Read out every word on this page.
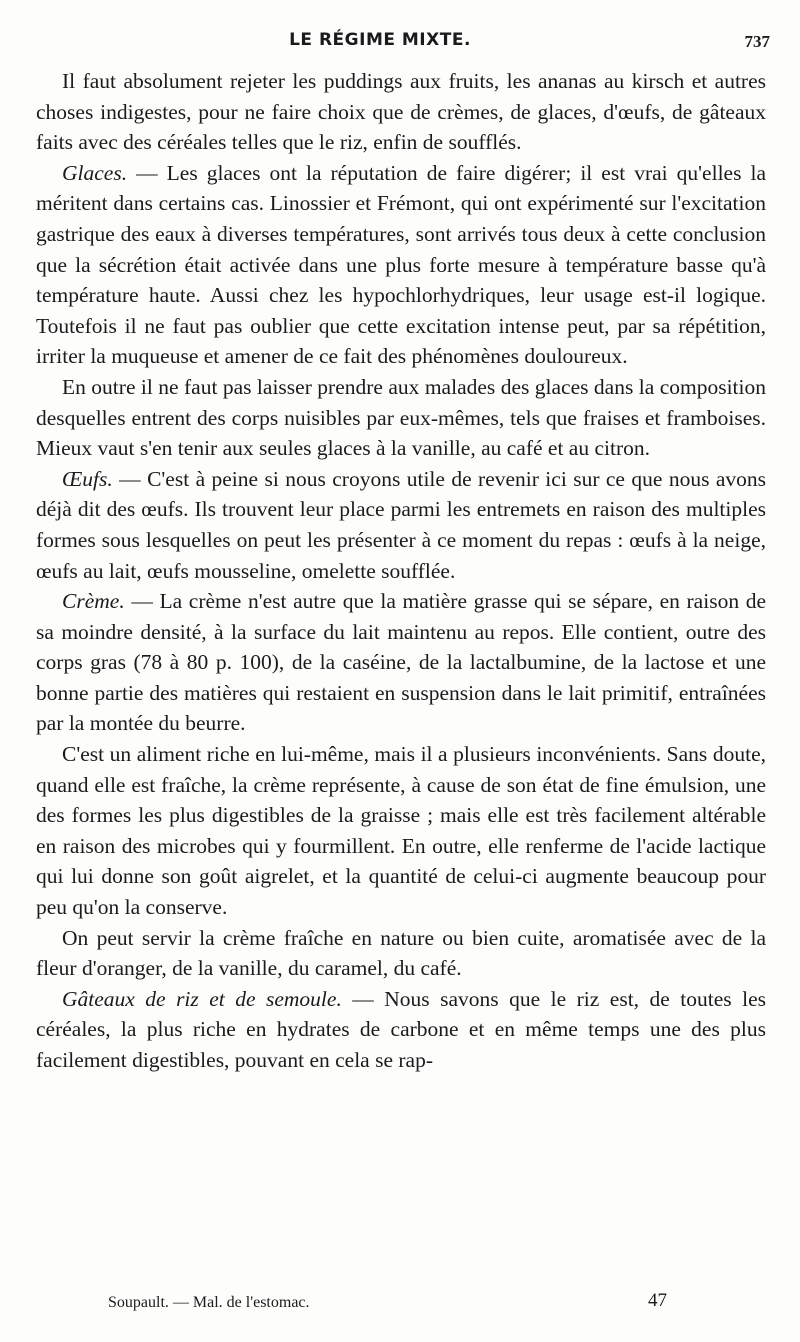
LE RÉGIME MIXTE.	737

Il faut absolument rejeter les puddings aux fruits, les ananas au kirsch et autres choses indigestes, pour ne faire choix que de crèmes, de glaces, d'œufs, de gâteaux faits avec des céréales telles que le riz, enfin de soufflés.

Glaces. — Les glaces ont la réputation de faire digérer; il est vrai qu'elles la méritent dans certains cas. Linossier et Frémont, qui ont expérimenté sur l'excitation gastrique des eaux à diverses températures, sont arrivés tous deux à cette conclusion que la sécrétion était activée dans une plus forte mesure à température basse qu'à température haute. Aussi chez les hypochlorhydriques, leur usage est-il logique. Toutefois il ne faut pas oublier que cette excitation intense peut, par sa répétition, irriter la muqueuse et amener de ce fait des phénomènes douloureux.

En outre il ne faut pas laisser prendre aux malades des glaces dans la composition desquelles entrent des corps nuisibles par eux-mêmes, tels que fraises et framboises. Mieux vaut s'en tenir aux seules glaces à la vanille, au café et au citron.

Œufs. — C'est à peine si nous croyons utile de revenir ici sur ce que nous avons déjà dit des œufs. Ils trouvent leur place parmi les entremets en raison des multiples formes sous lesquelles on peut les présenter à ce moment du repas : œufs à la neige, œufs au lait, œufs mousseline, omelette soufflée.

Crème. — La crème n'est autre que la matière grasse qui se sépare, en raison de sa moindre densité, à la surface du lait maintenu au repos. Elle contient, outre des corps gras (78 à 80 p. 100), de la caséine, de la lactalbumine, de la lactose et une bonne partie des matières qui restaient en suspension dans le lait primitif, entraînées par la montée du beurre.

C'est un aliment riche en lui-même, mais il a plusieurs inconvénients. Sans doute, quand elle est fraîche, la crème représente, à cause de son état de fine émulsion, une des formes les plus digestibles de la graisse ; mais elle est très facilement altérable en raison des microbes qui y fourmillent. En outre, elle renferme de l'acide lactique qui lui donne son goût aigrelet, et la quantité de celui-ci augmente beaucoup pour peu qu'on la conserve.

On peut servir la crème fraîche en nature ou bien cuite, aromatisée avec de la fleur d'oranger, de la vanille, du caramel, du café.

Gâteaux de riz et de semoule. — Nous savons que le riz est, de toutes les céréales, la plus riche en hydrates de carbone et en même temps une des plus facilement digestibles, pouvant en cela se rap-

Soupault. — Mal. de l'estomac.	47
